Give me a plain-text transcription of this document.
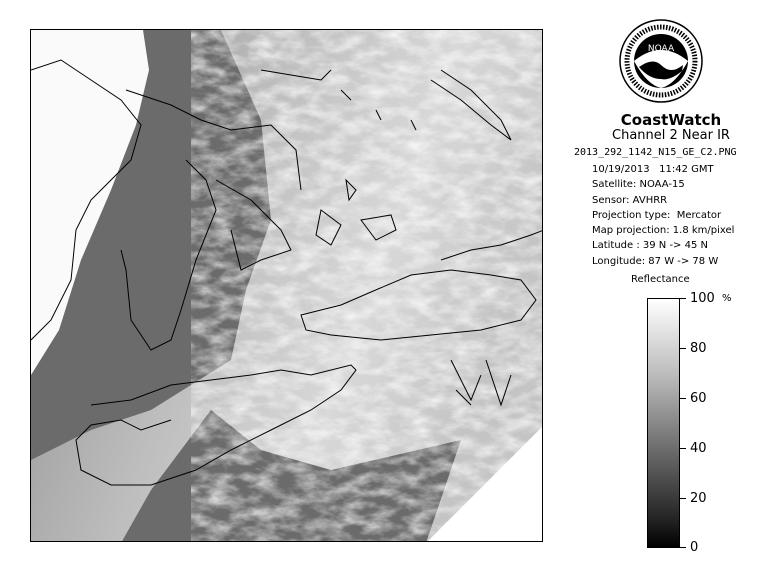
NOAA
CoastWatch
Channel 2 Near IR
2013_292_1142_N15_GE_C2.PNG
10/19/2013   11:42 GMT
Satellite: NOAA-15
Sensor: AVHRR
Projection type:  Mercator
Map projection: 1.8 km/pixel
Latitude : 39 N -> 45 N
Longitude: 87 W -> 78 W
Reflectance
%
100
80
60
40
20
0
